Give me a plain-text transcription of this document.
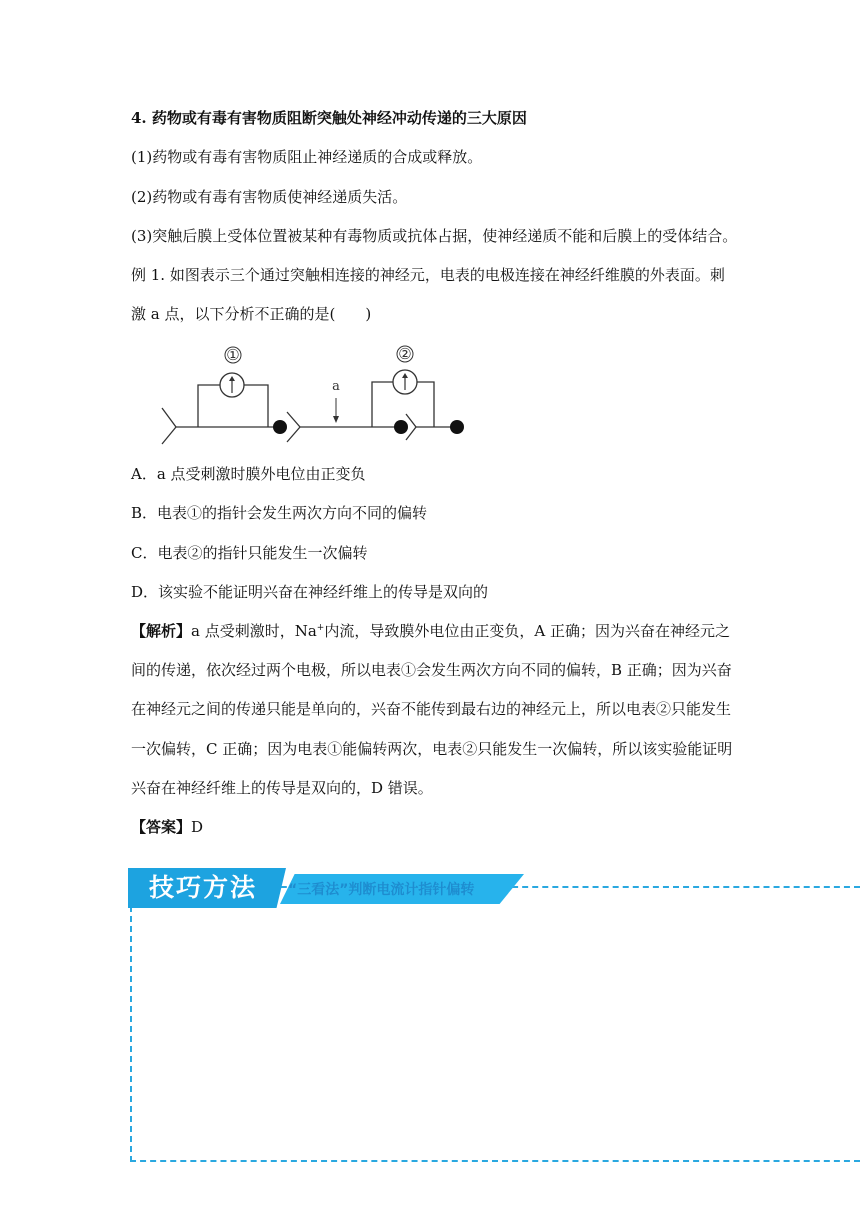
4. 药物或有毒有害物质阻断突触处神经冲动传递的三大原因
(1)药物或有毒有害物质阻止神经递质的合成或释放。
(2)药物或有毒有害物质使神经递质失活。
(3)突触后膜上受体位置被某种有毒物质或抗体占据，使神经递质不能和后膜上的受体结合。
例 1. 如图表示三个通过突触相连接的神经元，电表的电极连接在神经纤维膜的外表面。刺
激 a 点，以下分析不正确的是(　　)
①
a
②
A．a 点受刺激时膜外电位由正变负
B．电表①的指针会发生两次方向不同的偏转
C．电表②的指针只能发生一次偏转
D．该实验不能证明兴奋在神经纤维上的传导是双向的
【解析】a 点受刺激时，Na+内流，导致膜外电位由正变负，A 正确；因为兴奋在神经元之
间的传递，依次经过两个电极，所以电表①会发生两次方向不同的偏转，B 正确；因为兴奋
在神经元之间的传递只能是单向的，兴奋不能传到最右边的神经元上，所以电表②只能发生
一次偏转，C 正确；因为电表①能偏转两次，电表②只能发生一次偏转，所以该实验能证明
兴奋在神经纤维上的传导是双向的，D 错误。
【答案】D
技巧方法	“三看法”判断电流计指针偏转
